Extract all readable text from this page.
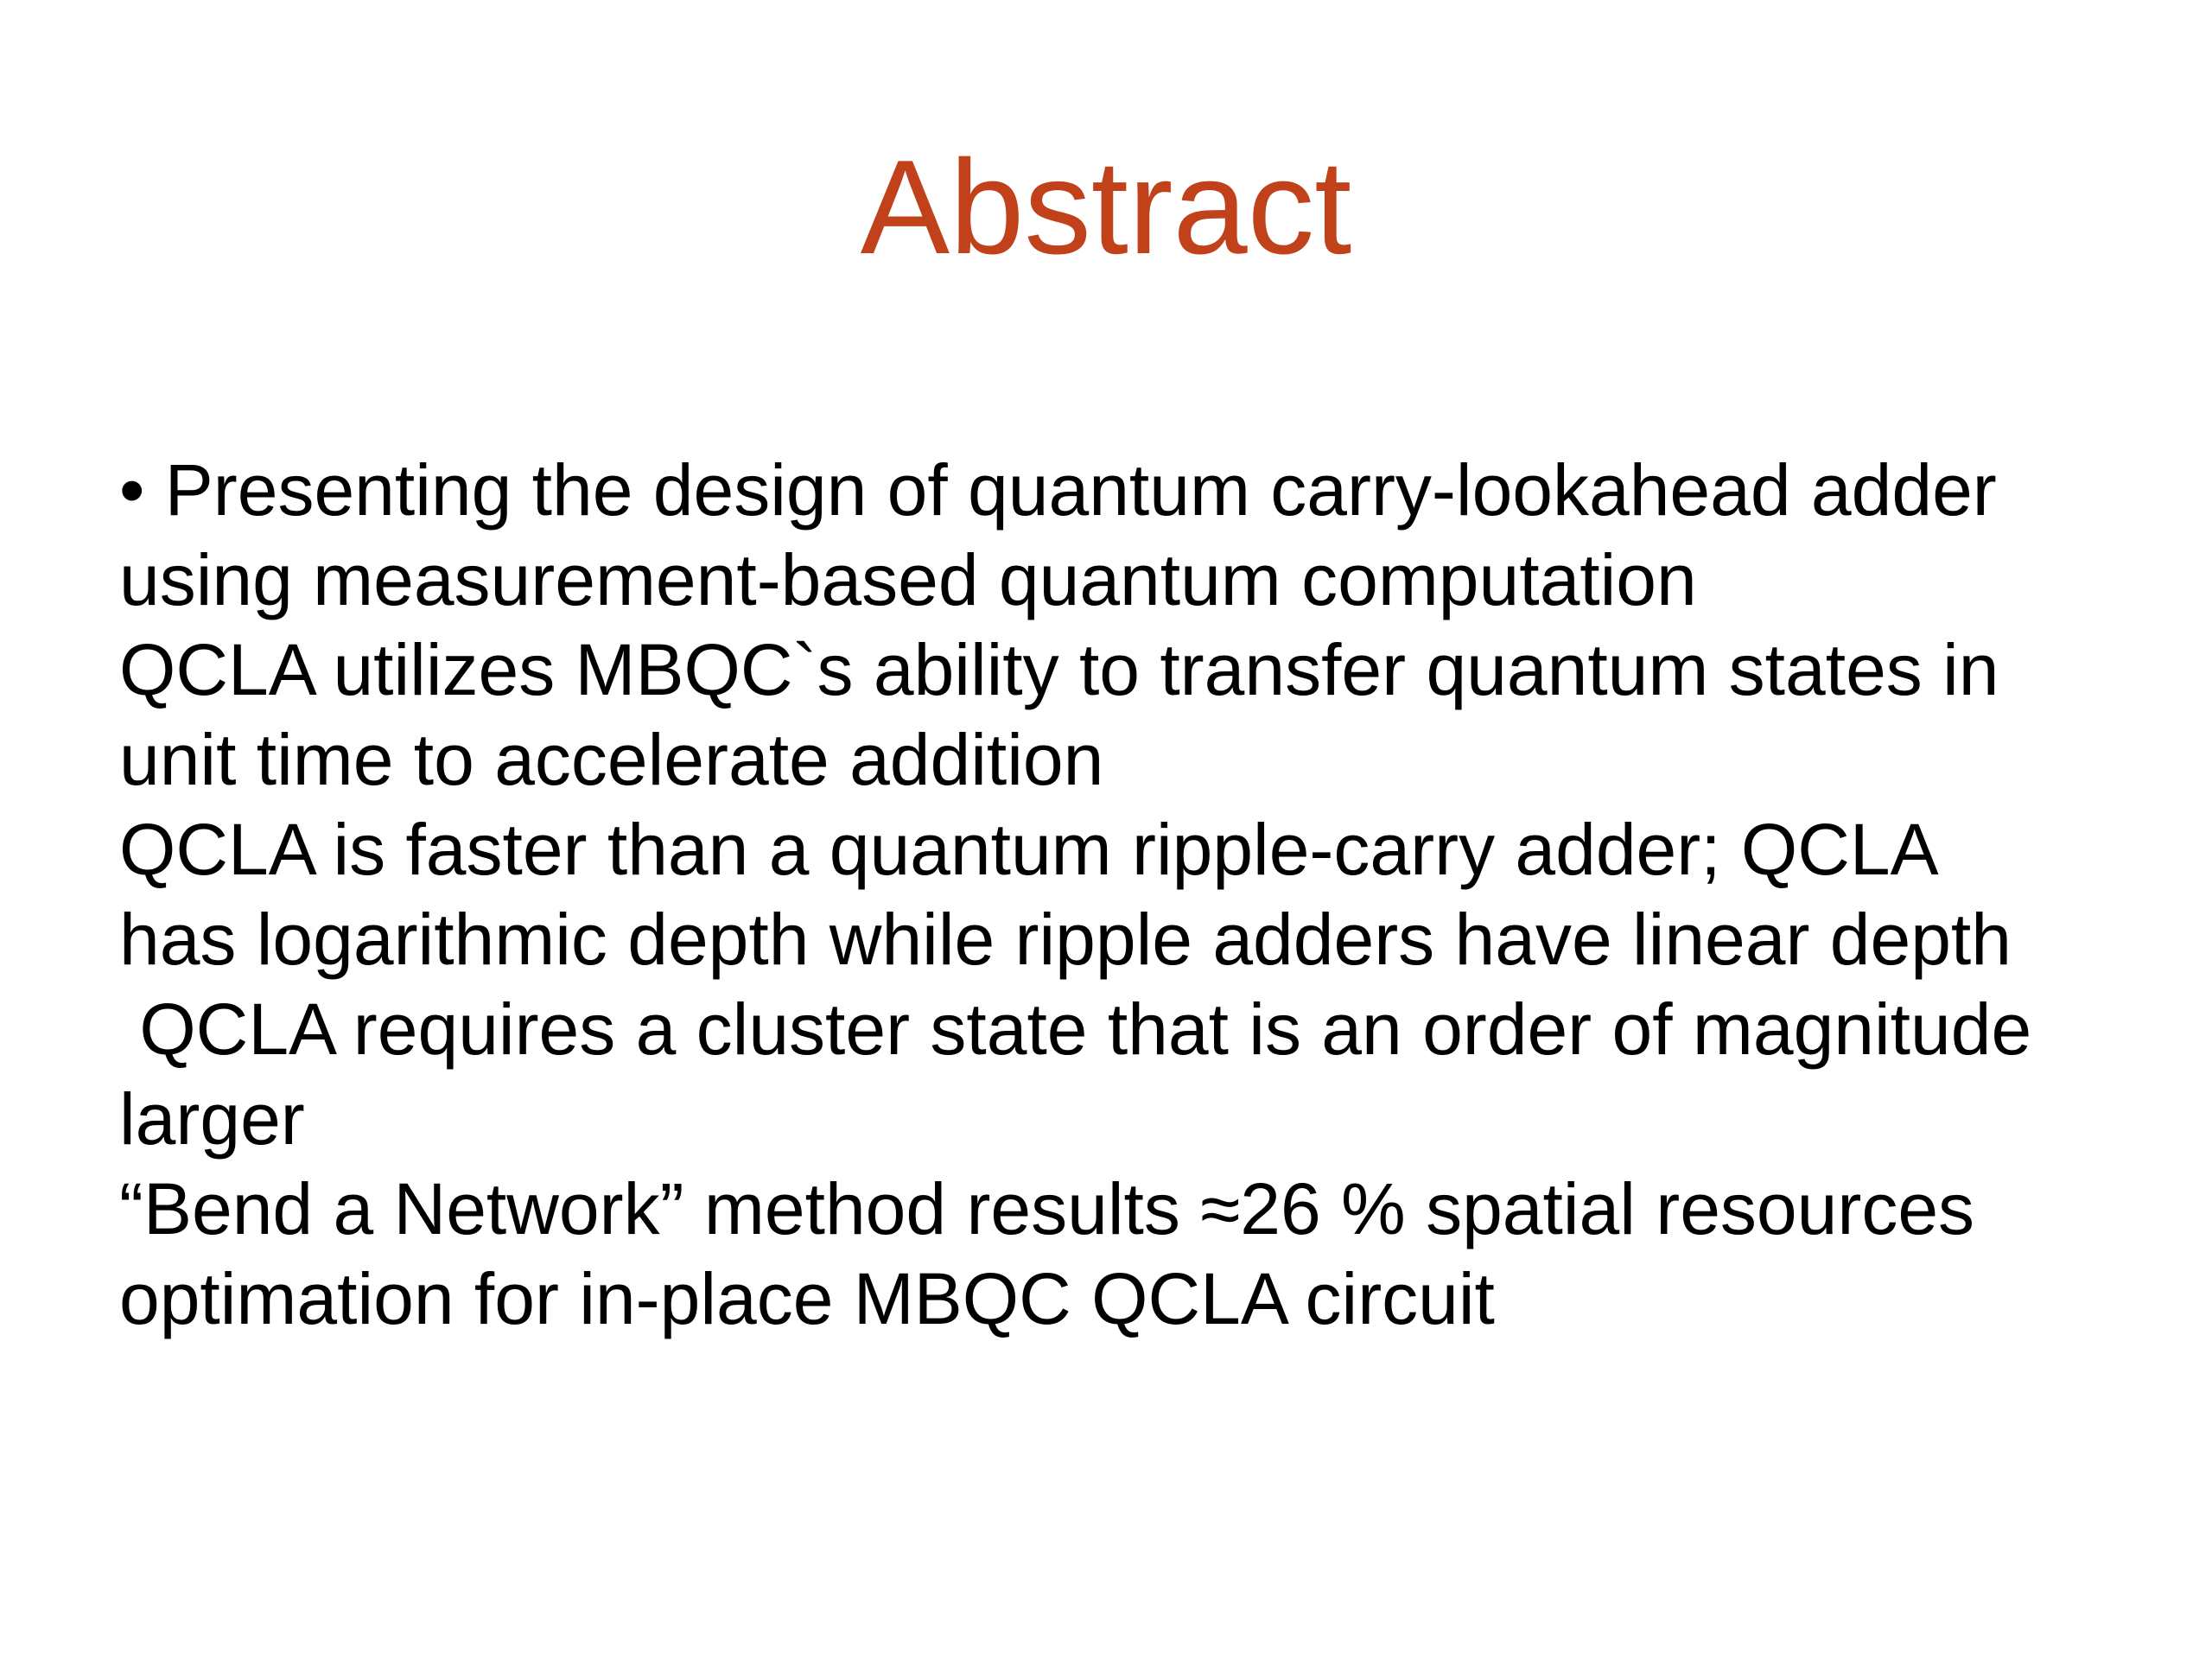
Abstract
• Presenting the design of quantum carry-lookahead adder
using measurement-based quantum computation
QCLA utilizes MBQC`s ability to transfer quantum states in
unit time to accelerate addition
QCLA is faster than a quantum ripple-carry adder; QCLA
has logarithmic depth while ripple adders have linear depth
QCLA requires a cluster state that is an order of magnitude
larger
“Bend a Network” method results ≈26 % spatial resources
optimation for in-place MBQC QCLA circuit
